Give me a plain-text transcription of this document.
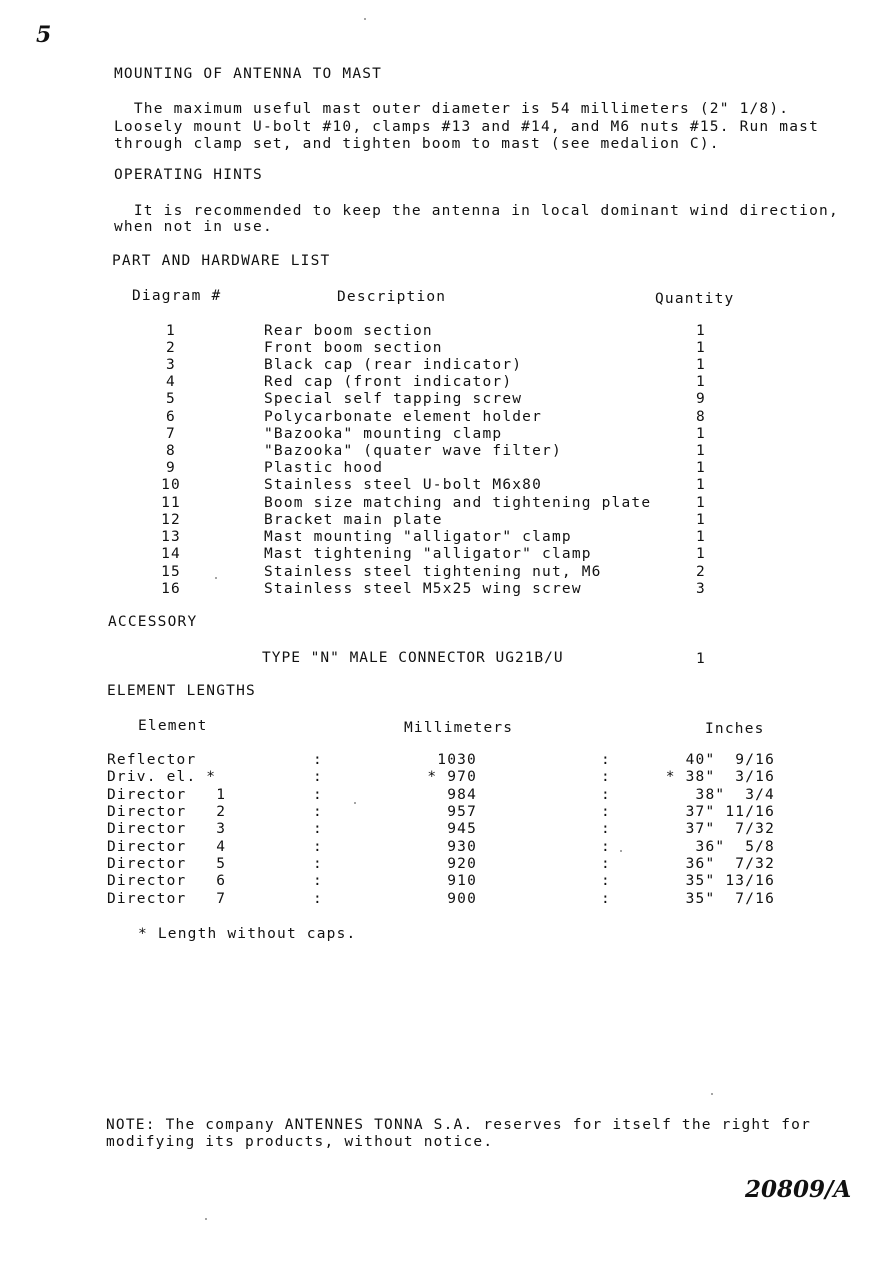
5
MOUNTING OF ANTENNA TO MAST
The maximum useful mast outer diameter is 54 millimeters (2" 1/8).
Loosely mount U-bolt #10, clamps #13 and #14, and M6 nuts #15. Run mast
through clamp set, and tighten boom to mast (see medalion C).
OPERATING HINTS
It is recommended to keep the antenna in local dominant wind direction,
when not in use.
PART AND HARDWARE LIST
Diagram #	Description	Quantity
1	Rear boom section	1
2	Front boom section	1
3	Black cap (rear indicator)	1
4	Red cap (front indicator)	1
5	Special self tapping screw	9
6	Polycarbonate element holder	8
7	"Bazooka" mounting clamp	1
8	"Bazooka" (quater wave filter)	1
9	Plastic hood	1
10	Stainless steel U-bolt M6x80	1
11	Boom size matching and tightening plate	1
12	Bracket main plate	1
13	Mast mounting "alligator" clamp	1
14	Mast tightening "alligator" clamp	1
15	Stainless steel tightening nut, M6	2
16	Stainless steel M5x25 wing screw	3
ACCESSORY
TYPE "N" MALE CONNECTOR UG21B/U	1
ELEMENT LENGTHS
Element	Millimeters	Inches
Reflector	:	1030	:	40"  9/16
Driv. el. *	:	* 970	:	* 38"  3/16
Director   1	:	984	:	38"  3/4
Director   2	:	957	:	37" 11/16
Director   3	:	945	:	37"  7/32
Director   4	:	930	:	36"  5/8
Director   5	:	920	:	36"  7/32
Director   6	:	910	:	35" 13/16
Director   7	:	900	:	35"  7/16
* Length without caps.
NOTE: The company ANTENNES TONNA S.A. reserves for itself the right for
modifying its products, without notice.
20809/A
